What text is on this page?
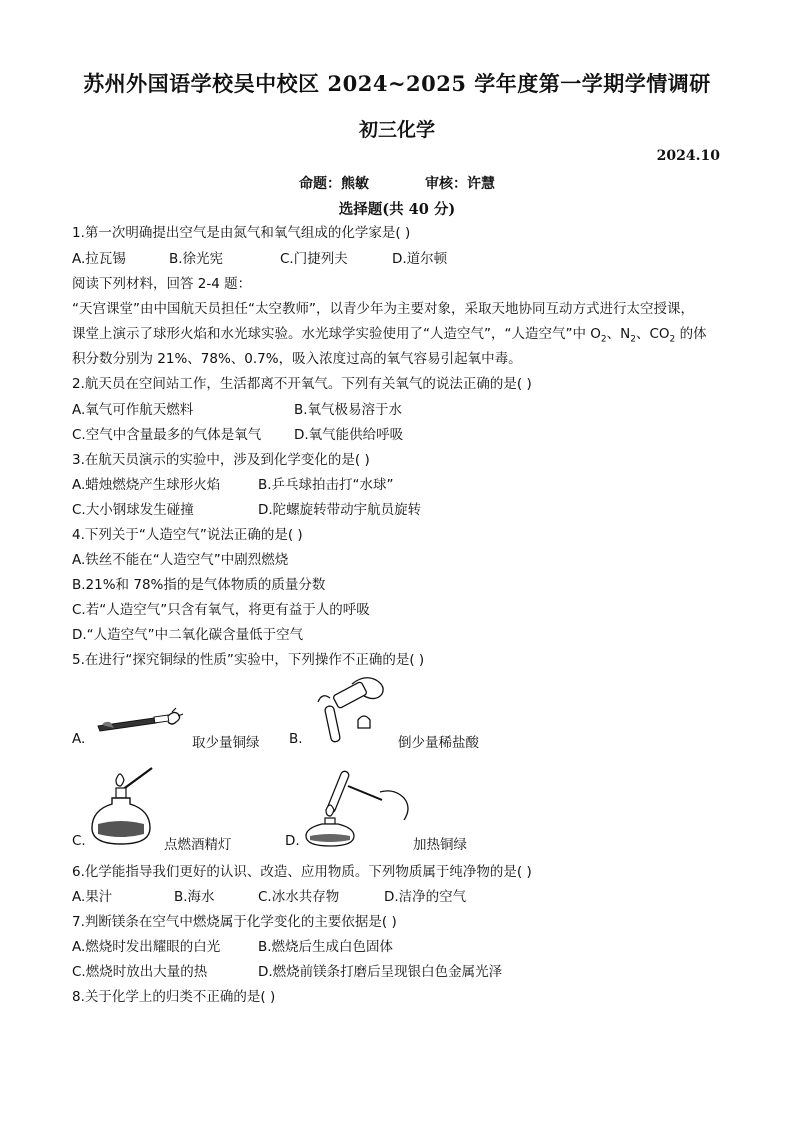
苏州外国语学校吴中校区 2024~2025 学年度第一学期学情调研
初三化学
2024.10
命题：熊敏	审核：许慧
选择题(共 40 分)
1.第一次明确提出空气是由氮气和氧气组成的化学家是( )
A.拉瓦锡	B.徐光宪	C.门捷列夫	D.道尔顿
阅读下列材料，回答 2-4 题：
“天宫课堂”由中国航天员担任“太空教师”，以青少年为主要对象，采取天地协同互动方式进行太空授课，
课堂上演示了球形火焰和水光球实验。水光球学实验使用了“人造空气”，“人造空气”中 $O_2$、$N_2$、$CO_2$ 的体
积分数分别为 21%、78%、0.7%，吸入浓度过高的氧气容易引起氧中毒。
2.航天员在空间站工作，生活都离不开氧气。下列有关氧气的说法正确的是( )
A.氧气可作航天燃料	B.氧气极易溶于水
C.空气中含量最多的气体是氧气 D.氧气能供给呼吸
3.在航天员演示的实验中，涉及到化学变化的是( )
A.蜡烛燃烧产生球形火焰	B.乒乓球拍击打“水球”
C.大小钢球发生碰撞	D.陀螺旋转带动宇航员旋转
4.下列关于“人造空气”说法正确的是( )
A.铁丝不能在“人造空气”中剧烈燃烧
B.21%和 78%指的是气体物质的质量分数
C.若“人造空气”只含有氧气，将更有益于人的呼吸
D.“人造空气”中二氧化碳含量低于空气
5.在进行“探究铜绿的性质”实验中，下列操作不正确的是( )
A.	取少量铜绿 B.	倒少量稀盐酸
C.	点燃酒精灯	D.	加热铜绿
6.化学能指导我们更好的认识、改造、应用物质。下列物质属于纯净物的是( )
A.果汁	B.海水	C.冰水共存物	D.洁净的空气
7.判断镁条在空气中燃烧属于化学变化的主要依据是( )
A.燃烧时发出耀眼的白光	B.燃烧后生成白色固体
C.燃烧时放出大量的热	D.燃烧前镁条打磨后呈现银白色金属光泽
8.关于化学上的归类不正确的是( )
